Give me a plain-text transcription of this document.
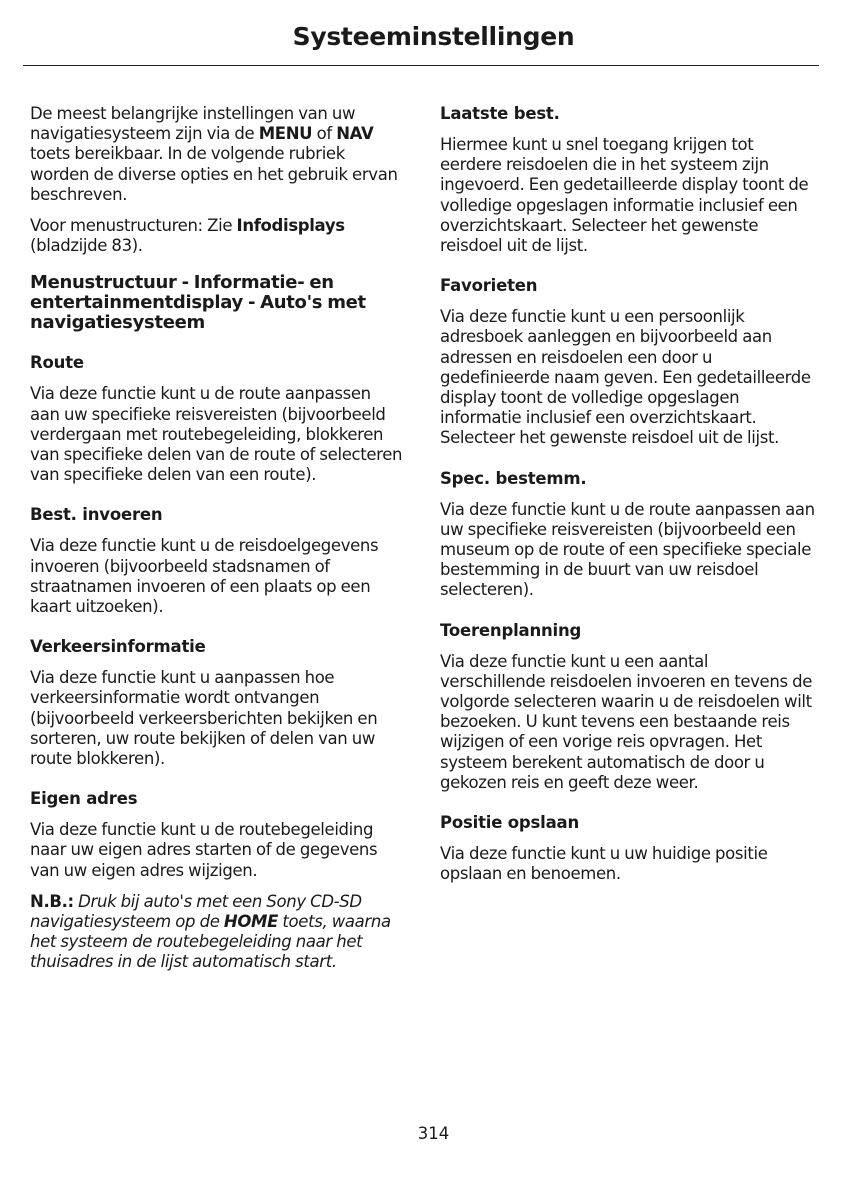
Systeeminstellingen

De meest belangrijke instellingen van uw navigatiesysteem zijn via de MENU of NAV toets bereikbaar. In de volgende rubriek worden de diverse opties en het gebruik ervan beschreven.

Voor menustructuren: Zie Infodisplays (bladzijde 83).

Menustructuur - Informatie- en entertainmentdisplay - Auto's met navigatiesysteem
Route

Via deze functie kunt u de route aanpassen aan uw specifieke reisvereisten (bijvoorbeeld verdergaan met routebegeleiding, blokkeren van specifieke delen van de route of selecteren van specifieke delen van een route).

Best. invoeren

Via deze functie kunt u de reisdoelgegevens invoeren (bijvoorbeeld stadsnamen of straatnamen invoeren of een plaats op een kaart uitzoeken).

Verkeersinformatie

Via deze functie kunt u aanpassen hoe verkeersinformatie wordt ontvangen (bijvoorbeeld verkeersberichten bekijken en sorteren, uw route bekijken of delen van uw route blokkeren).

Eigen adres

Via deze functie kunt u de routebegeleiding naar uw eigen adres starten of de gegevens van uw eigen adres wijzigen.

N.B.: Druk bij auto's met een Sony CD-SD navigatiesysteem op de HOME toets, waarna het systeem de routebegeleiding naar het thuisadres in de lijst automatisch start.

Laatste best.

Hiermee kunt u snel toegang krijgen tot eerdere reisdoelen die in het systeem zijn ingevoerd. Een gedetailleerde display toont de volledige opgeslagen informatie inclusief een overzichtskaart. Selecteer het gewenste reisdoel uit de lijst.

Favorieten

Via deze functie kunt u een persoonlijk adresboek aanleggen en bijvoorbeeld aan adressen en reisdoelen een door u gedefinieerde naam geven. Een gedetailleerde display toont de volledige opgeslagen informatie inclusief een overzichtskaart. Selecteer het gewenste reisdoel uit de lijst.

Spec. bestemm.

Via deze functie kunt u de route aanpassen aan uw specifieke reisvereisten (bijvoorbeeld een museum op de route of een specifieke speciale bestemming in de buurt van uw reisdoel selecteren).

Toerenplanning

Via deze functie kunt u een aantal verschillende reisdoelen invoeren en tevens de volgorde selecteren waarin u de reisdoelen wilt bezoeken. U kunt tevens een bestaande reis wijzigen of een vorige reis opvragen. Het systeem berekent automatisch de door u gekozen reis en geeft deze weer.

Positie opslaan

Via deze functie kunt u uw huidige positie opslaan en benoemen.

314
